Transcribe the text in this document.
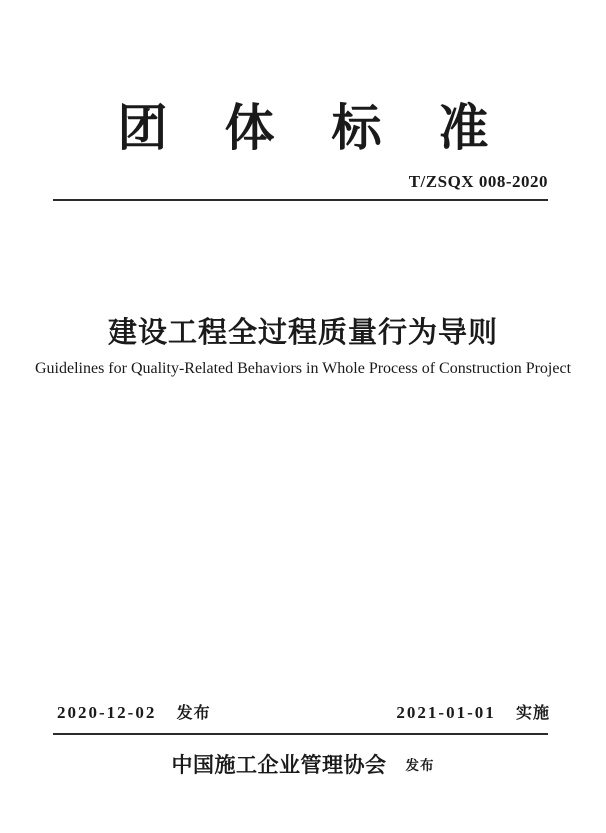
团 体 标 准
T/ZSQX 008-2020
建设工程全过程质量行为导则
Guidelines for Quality-Related Behaviors in Whole Process of Construction Project
2020-12-02 发布	2021-01-01 实施
中国施工企业管理协会 发布
